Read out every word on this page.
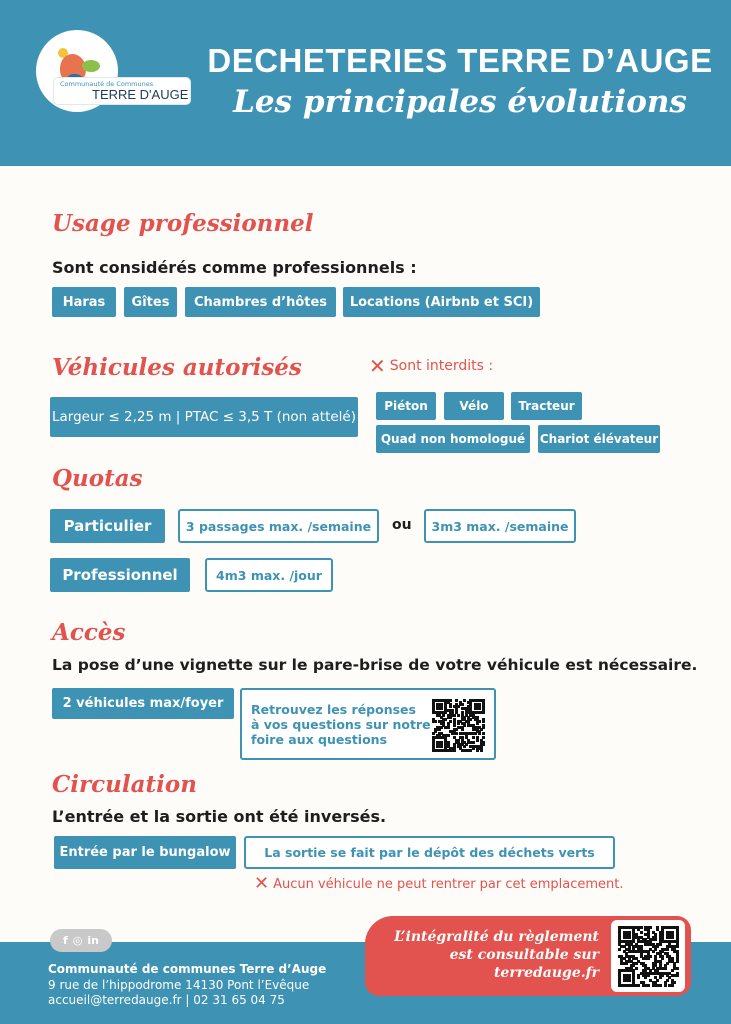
Communauté de Communes
TERRE D'AUGE
DECHETERIES TERRE D’AUGE
Les principales évolutions
Usage professionnel
Sont considérés comme professionnels :
Haras	Gîtes	Chambres d’hôtes	Locations (Airbnb et SCI)
Véhicules autorisés
Largeur ≤ 2,25 m | PTAC ≤ 3,5 T (non attelé)
✕ Sont interdits :
Piéton	Vélo	Tracteur
Quad non homologué	Chariot élévateur
Quotas
Particulier	3 passages max. /semaine	ou	3m3 max. /semaine
Professionnel	4m3 max. /jour
Accès
La pose d’une vignette sur le pare-brise de votre véhicule est nécessaire.
2 véhicules max/foyer	Retrouvez les réponses
à vos questions sur notre
foire aux questions
Circulation
L’entrée et la sortie ont été inversés.
Entrée par le bungalow	La sortie se fait par le dépôt des déchets verts
✕ Aucun véhicule ne peut rentrer par cet emplacement.
f ◎ in
Communauté de communes Terre d’Auge
9 rue de l’hippodrome 14130 Pont l’Evêque
accueil@terredauge.fr | 02 31 65 04 75
L’intégralité du règlement
est consultable sur
terredauge.fr
